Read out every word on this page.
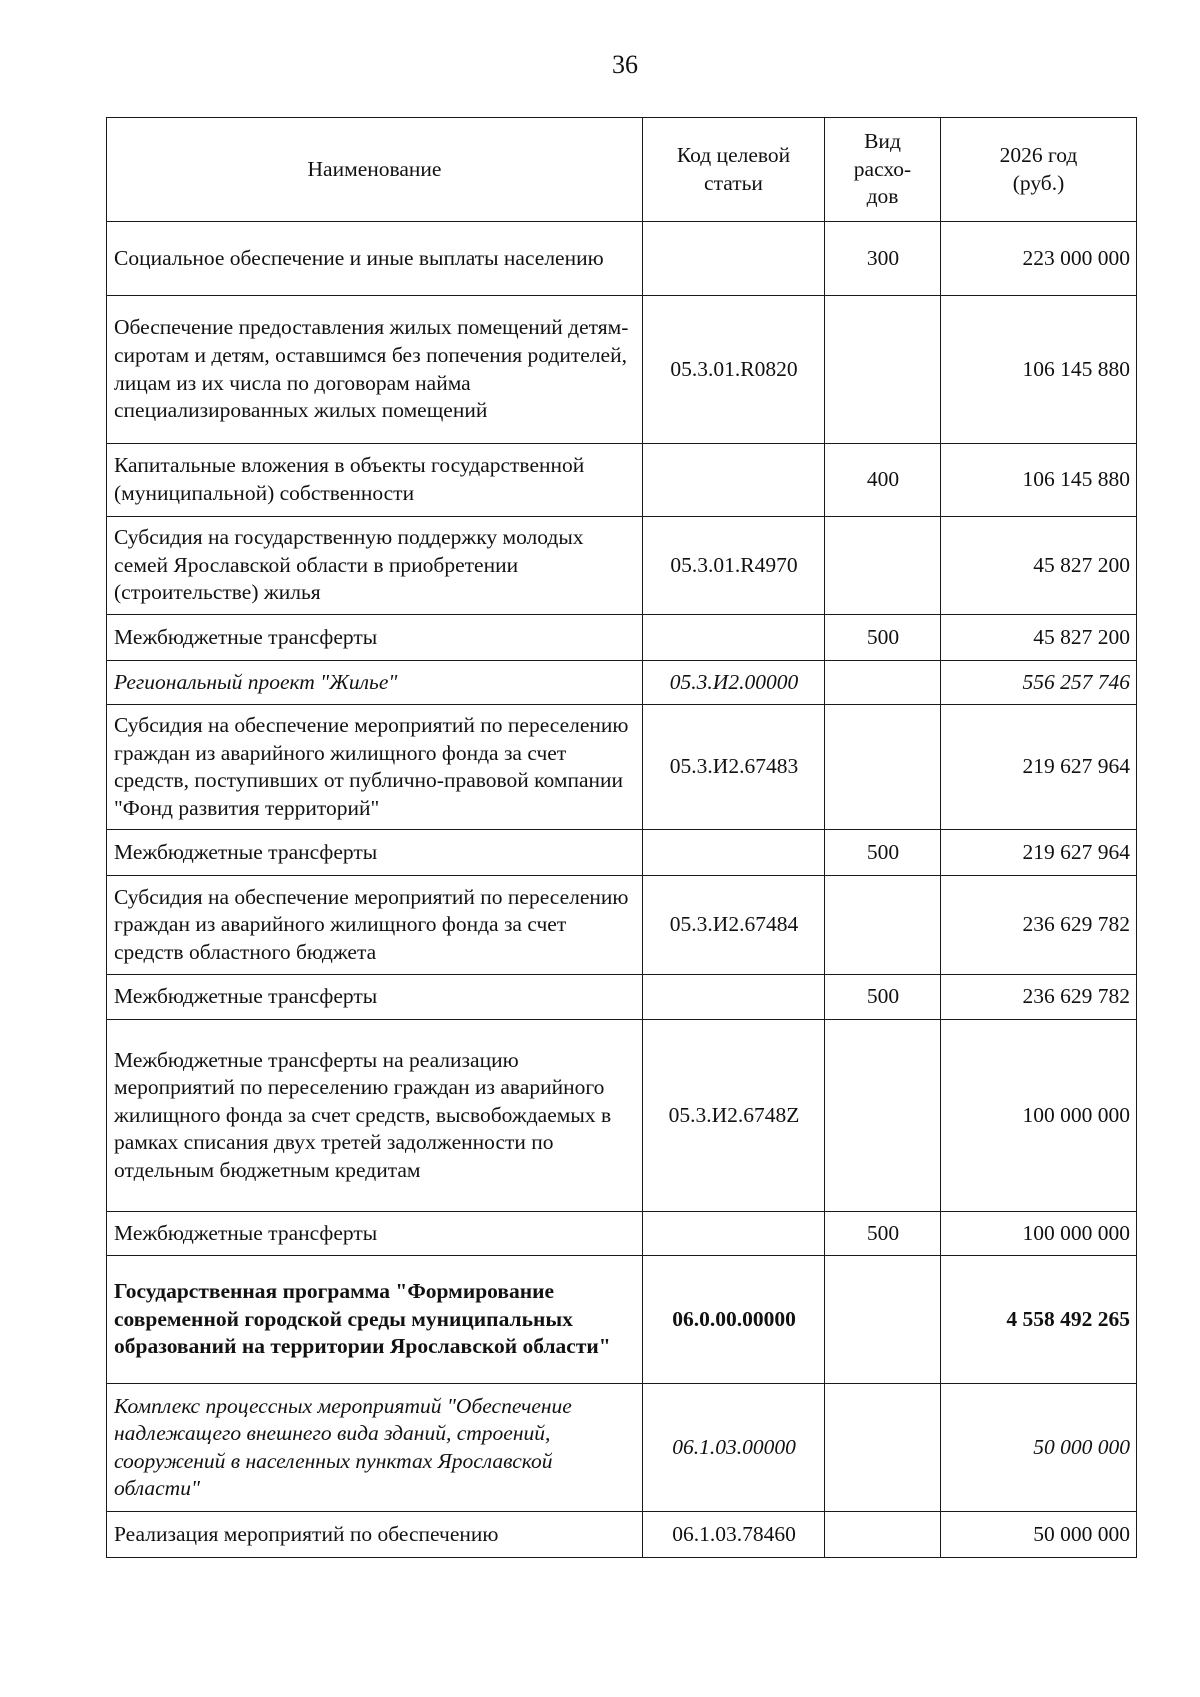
36
Наименование	Код целевой статьи	Вид расхо- дов	2026 год (руб.)
Социальное обеспечение и иные выплаты населению		300	223 000 000
Обеспечение предоставления жилых помещений детям-сиротам и детям, оставшимся без попечения родителей, лицам из их числа по договорам найма специализированных жилых помещений	05.3.01.R0820		106 145 880
Капитальные вложения в объекты государственной (муниципальной) собственности		400	106 145 880
Субсидия на государственную поддержку молодых семей Ярославской области в приобретении (строительстве) жилья	05.3.01.R4970		45 827 200
Межбюджетные трансферты		500	45 827 200
Региональный проект "Жилье"	05.3.И2.00000		556 257 746
Субсидия на обеспечение мероприятий по переселению граждан из аварийного жилищного фонда за счет средств, поступивших от публично-правовой компании "Фонд развития территорий"	05.3.И2.67483		219 627 964
Межбюджетные трансферты		500	219 627 964
Субсидия на обеспечение мероприятий по переселению граждан из аварийного жилищного фонда за счет средств областного бюджета	05.3.И2.67484		236 629 782
Межбюджетные трансферты		500	236 629 782
Межбюджетные трансферты на реализацию мероприятий по переселению граждан из аварийного жилищного фонда за счет средств, высвобождаемых в рамках списания двух третей задолженности по отдельным бюджетным кредитам	05.3.И2.6748Z		100 000 000
Межбюджетные трансферты		500	100 000 000
Государственная программа "Формирование современной городской среды муниципальных образований на территории Ярославской области"	06.0.00.00000		4 558 492 265
Комплекс процессных мероприятий "Обеспечение надлежащего внешнего вида зданий, строений, сооружений в населенных пунктах Ярославской области"	06.1.03.00000		50 000 000
Реализация мероприятий по обеспечению	06.1.03.78460		50 000 000
